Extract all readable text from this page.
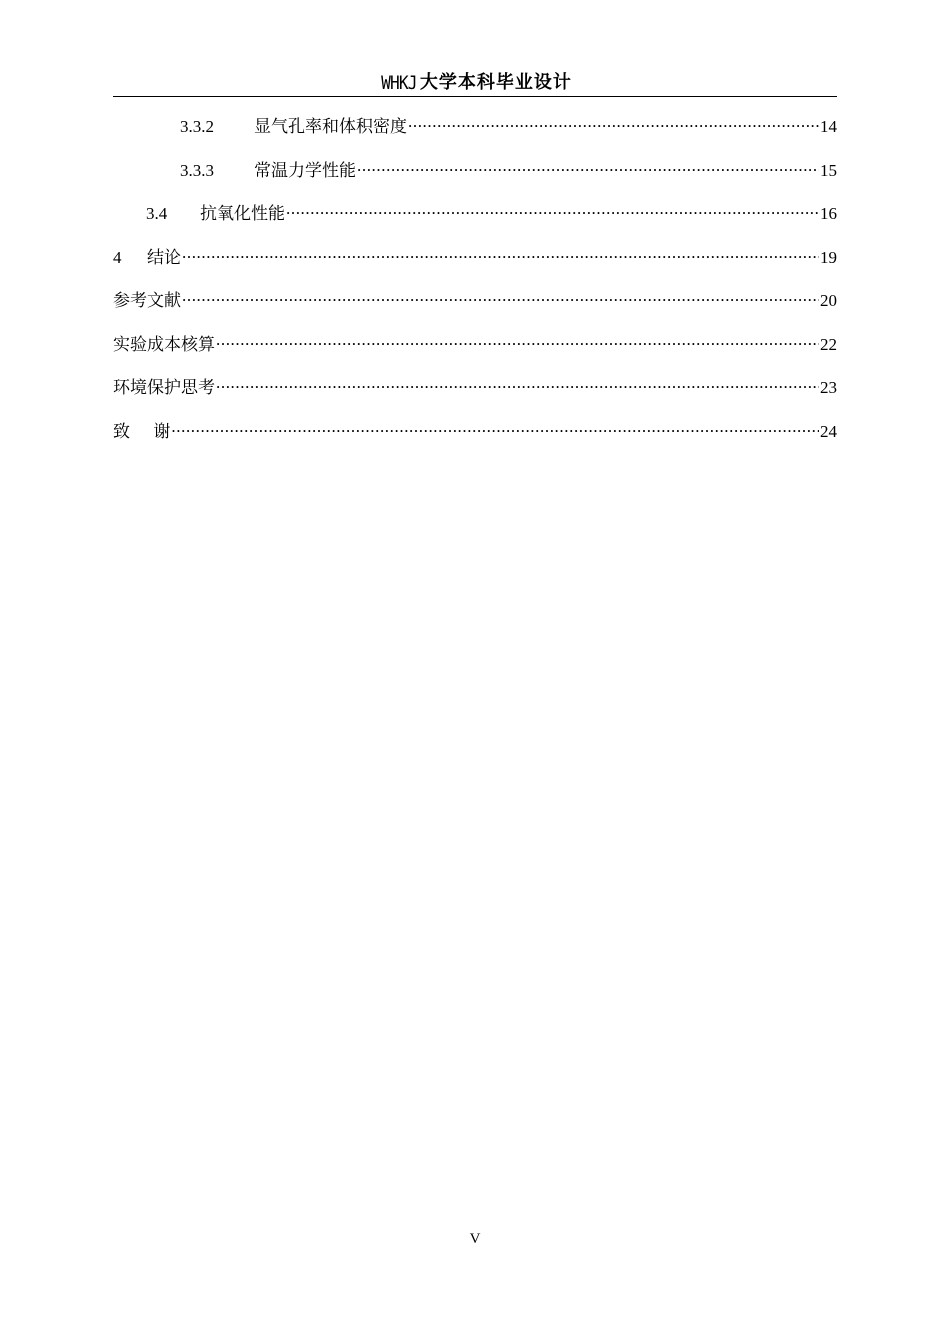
WHKJ 大学本科毕业设计
3.3.2	显气孔率和体积密度 .....	14
3.3.3	常温力学性能 .....	15
3.4	抗氧化性能 .....	16
4	结论 .....	19
参考文献 .....	20
实验成本核算 .....	22
环境保护思考 .....	23
致 谢 .....	24
V
